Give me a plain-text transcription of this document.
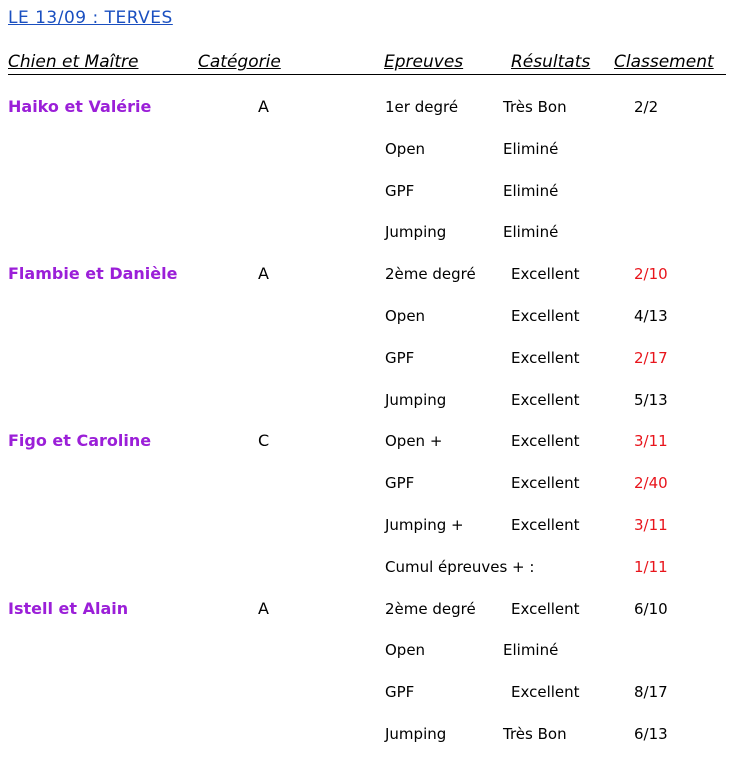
LE 13/09 : TERVES
Chien et Maître	Catégorie	Epreuves	Résultats Classement
Haiko et Valérie	A	1er degré	Très Bon	2/2
Open	Eliminé
GPF	Eliminé
Jumping	Eliminé
Flambie et Danièle	A	2ème degré Excellent	2/10
Open	Excellent	4/13
GPF	Excellent	2/17
Jumping	Excellent	5/13
Figo et Caroline	C	Open +	Excellent	3/11
GPF	Excellent	2/40
Jumping +	Excellent	3/11
Cumul épreuves + :	1/11
Istell et Alain	A	2ème degré Excellent	6/10
Open	Eliminé
GPF	Excellent	8/17
Jumping	Très Bon	6/13
